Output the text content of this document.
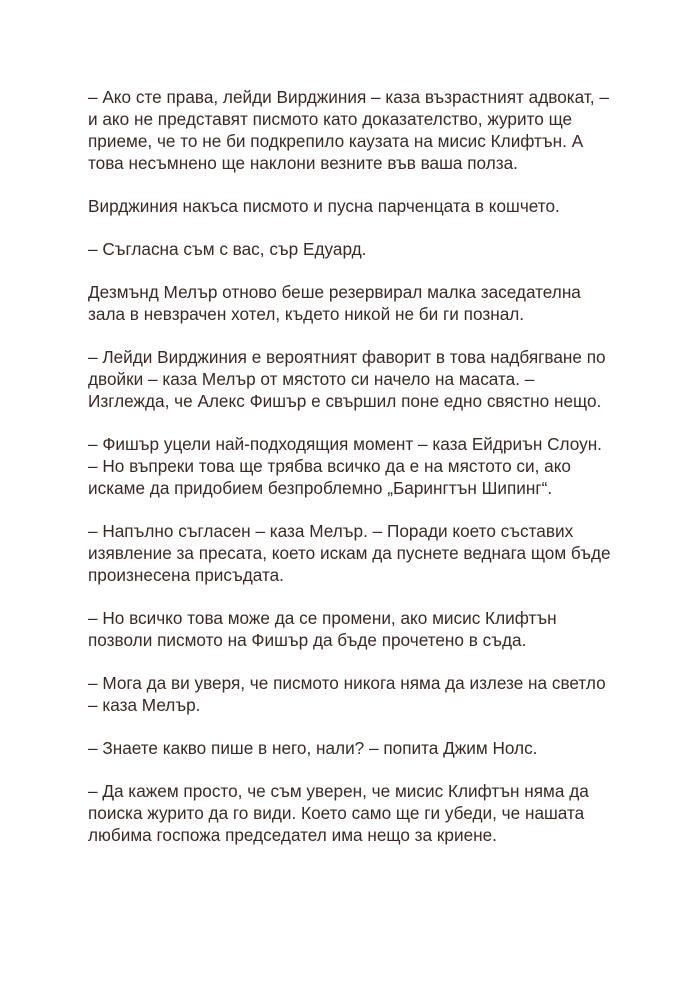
– Ако сте права, лейди Вирджиния – каза възрастният адвокат, – и ако не представят писмото като доказателство, журито ще приеме, че то не би подкрепило каузата на мисис Клифтън. А това несъмнено ще наклони везните във ваша полза.

Вирджиния накъса писмото и пусна парченцата в кошчето.

– Съгласна съм с вас, сър Едуард.

Дезмънд Мелър отново беше резервирал малка заседателна зала в невзрачен хотел, където никой не би ги познал.

– Лейди Вирджиния е вероятният фаворит в това надбягване по двойки – каза Мелър от мястото си начело на масата. – Изглежда, че Алекс Фишър е свършил поне едно свястно нещо.

– Фишър уцели най-подходящия момент – каза Ейдриън Слоун. – Но въпреки това ще трябва всичко да е на мястото си, ако искаме да придобием безпроблемно „Барингтън Шипинг“.

– Напълно съгласен – каза Мелър. – Поради което съставих изявление за пресата, което искам да пуснете веднага щом бъде произнесена присъдата.

– Но всичко това може да се промени, ако мисис Клифтън позволи писмото на Фишър да бъде прочетено в съда.

– Мога да ви уверя, че писмото никога няма да излезе на светло – каза Мелър.

– Знаете какво пише в него, нали? – попита Джим Нолс.

– Да кажем просто, че съм уверен, че мисис Клифтън няма да поиска журито да го види. Което само ще ги убеди, че нашата любима госпожа председател има нещо за криене.
